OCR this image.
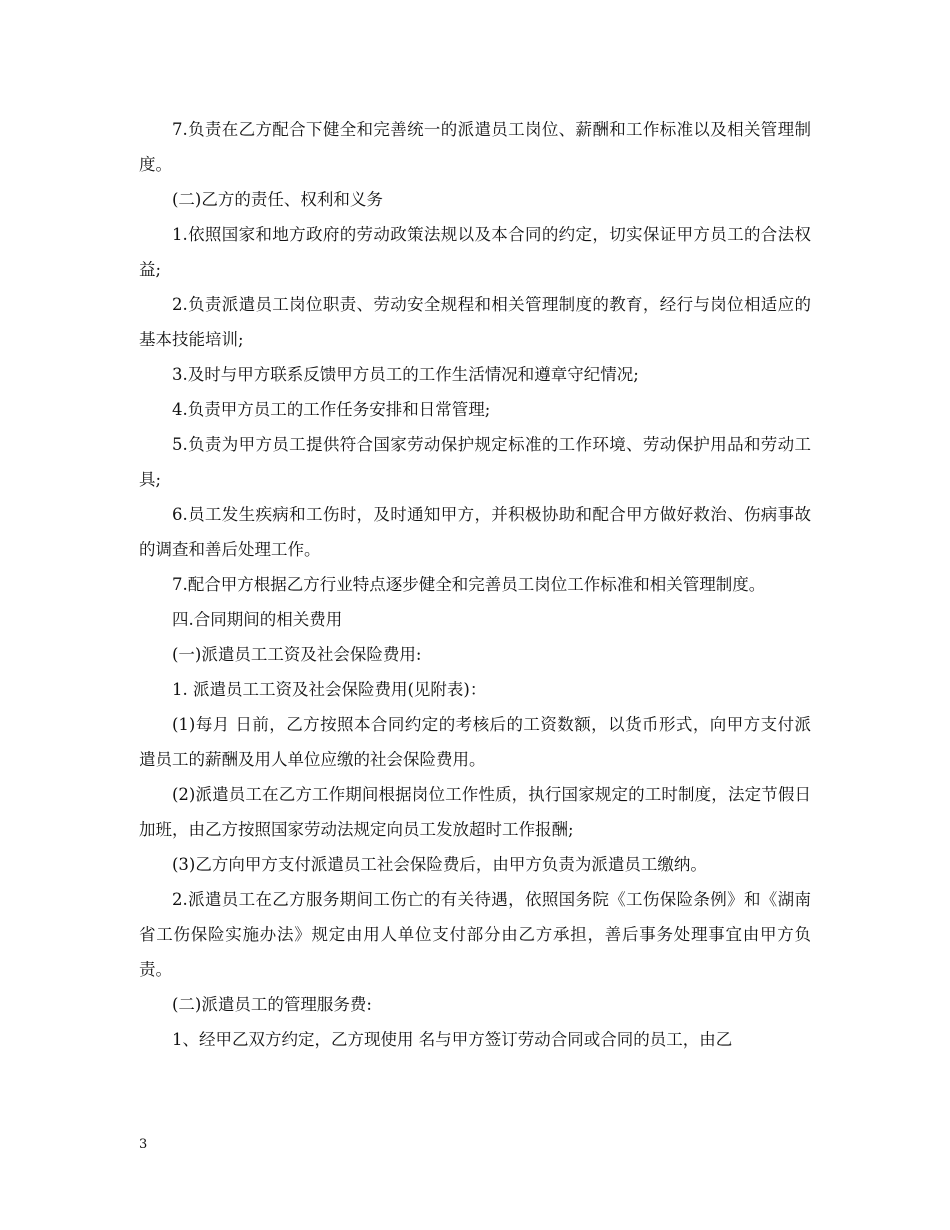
7.负责在乙方配合下健全和完善统一的派遣员工岗位、薪酬和工作标准以及相关管理制度。

(二)乙方的责任、权利和义务

1.依照国家和地方政府的劳动政策法规以及本合同的约定，切实保证甲方员工的合法权益;

2.负责派遣员工岗位职责、劳动安全规程和相关管理制度的教育，经行与岗位相适应的基本技能培训;

3.及时与甲方联系反馈甲方员工的工作生活情况和遵章守纪情况;

4.负责甲方员工的工作任务安排和日常管理;

5.负责为甲方员工提供符合国家劳动保护规定标准的工作环境、劳动保护用品和劳动工具;

6.员工发生疾病和工伤时，及时通知甲方，并积极协助和配合甲方做好救治、伤病事故的调查和善后处理工作。

7.配合甲方根据乙方行业特点逐步健全和完善员工岗位工作标准和相关管理制度。

四.合同期间的相关费用

(一)派遣员工工资及社会保险费用:

1. 派遣员工工资及社会保险费用(见附表)：

(1)每月 日前，乙方按照本合同约定的考核后的工资数额，以货币形式，向甲方支付派遣员工的薪酬及用人单位应缴的社会保险费用。

(2)派遣员工在乙方工作期间根据岗位工作性质，执行国家规定的工时制度，法定节假日加班，由乙方按照国家劳动法规定向员工发放超时工作报酬;

(3)乙方向甲方支付派遣员工社会保险费后，由甲方负责为派遣员工缴纳。

2.派遣员工在乙方服务期间工伤亡的有关待遇，依照国务院《工伤保险条例》和《湖南省工伤保险实施办法》规定由用人单位支付部分由乙方承担，善后事务处理事宜由甲方负责。

(二)派遣员工的管理服务费:

1、经甲乙双方约定，乙方现使用 名与甲方签订劳动合同或合同的员工，由乙

3
